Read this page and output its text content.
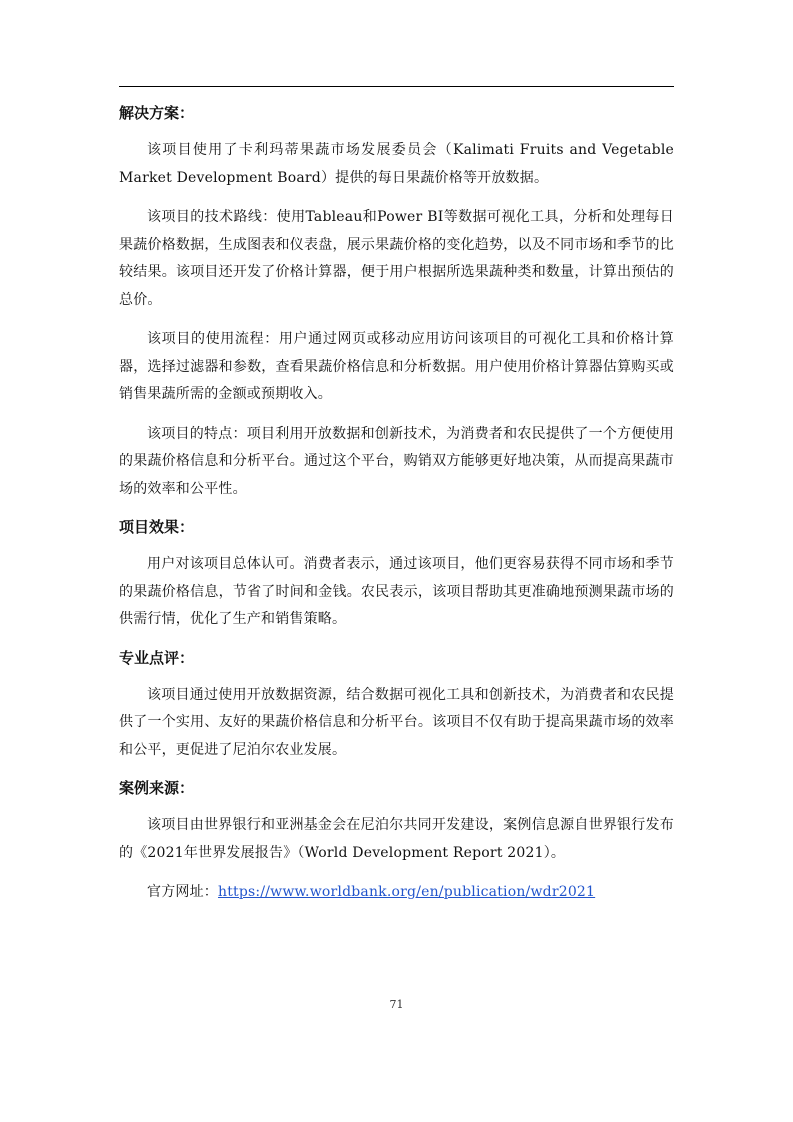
解决方案：

该项目使用了卡利玛蒂果蔬市场发展委员会（Kalimati Fruits and Vegetable Market Development Board）提供的每日果蔬价格等开放数据。

该项目的技术路线：使用Tableau和Power BI等数据可视化工具，分析和处理每日果蔬价格数据，生成图表和仪表盘，展示果蔬价格的变化趋势，以及不同市场和季节的比较结果。该项目还开发了价格计算器，便于用户根据所选果蔬种类和数量，计算出预估的总价。

该项目的使用流程：用户通过网页或移动应用访问该项目的可视化工具和价格计算器，选择过滤器和参数，查看果蔬价格信息和分析数据。用户使用价格计算器估算购买或销售果蔬所需的金额或预期收入。

该项目的特点：项目利用开放数据和创新技术，为消费者和农民提供了一个方便使用的果蔬价格信息和分析平台。通过这个平台，购销双方能够更好地决策，从而提高果蔬市场的效率和公平性。

项目效果：

用户对该项目总体认可。消费者表示，通过该项目，他们更容易获得不同市场和季节的果蔬价格信息，节省了时间和金钱。农民表示，该项目帮助其更准确地预测果蔬市场的供需行情，优化了生产和销售策略。

专业点评：

该项目通过使用开放数据资源，结合数据可视化工具和创新技术，为消费者和农民提供了一个实用、友好的果蔬价格信息和分析平台。该项目不仅有助于提高果蔬市场的效率和公平，更促进了尼泊尔农业发展。

案例来源：

该项目由世界银行和亚洲基金会在尼泊尔共同开发建设，案例信息源自世界银行发布的《2021年世界发展报告》（World Development Report 2021）。

官方网址：https://www.worldbank.org/en/publication/wdr2021

71
